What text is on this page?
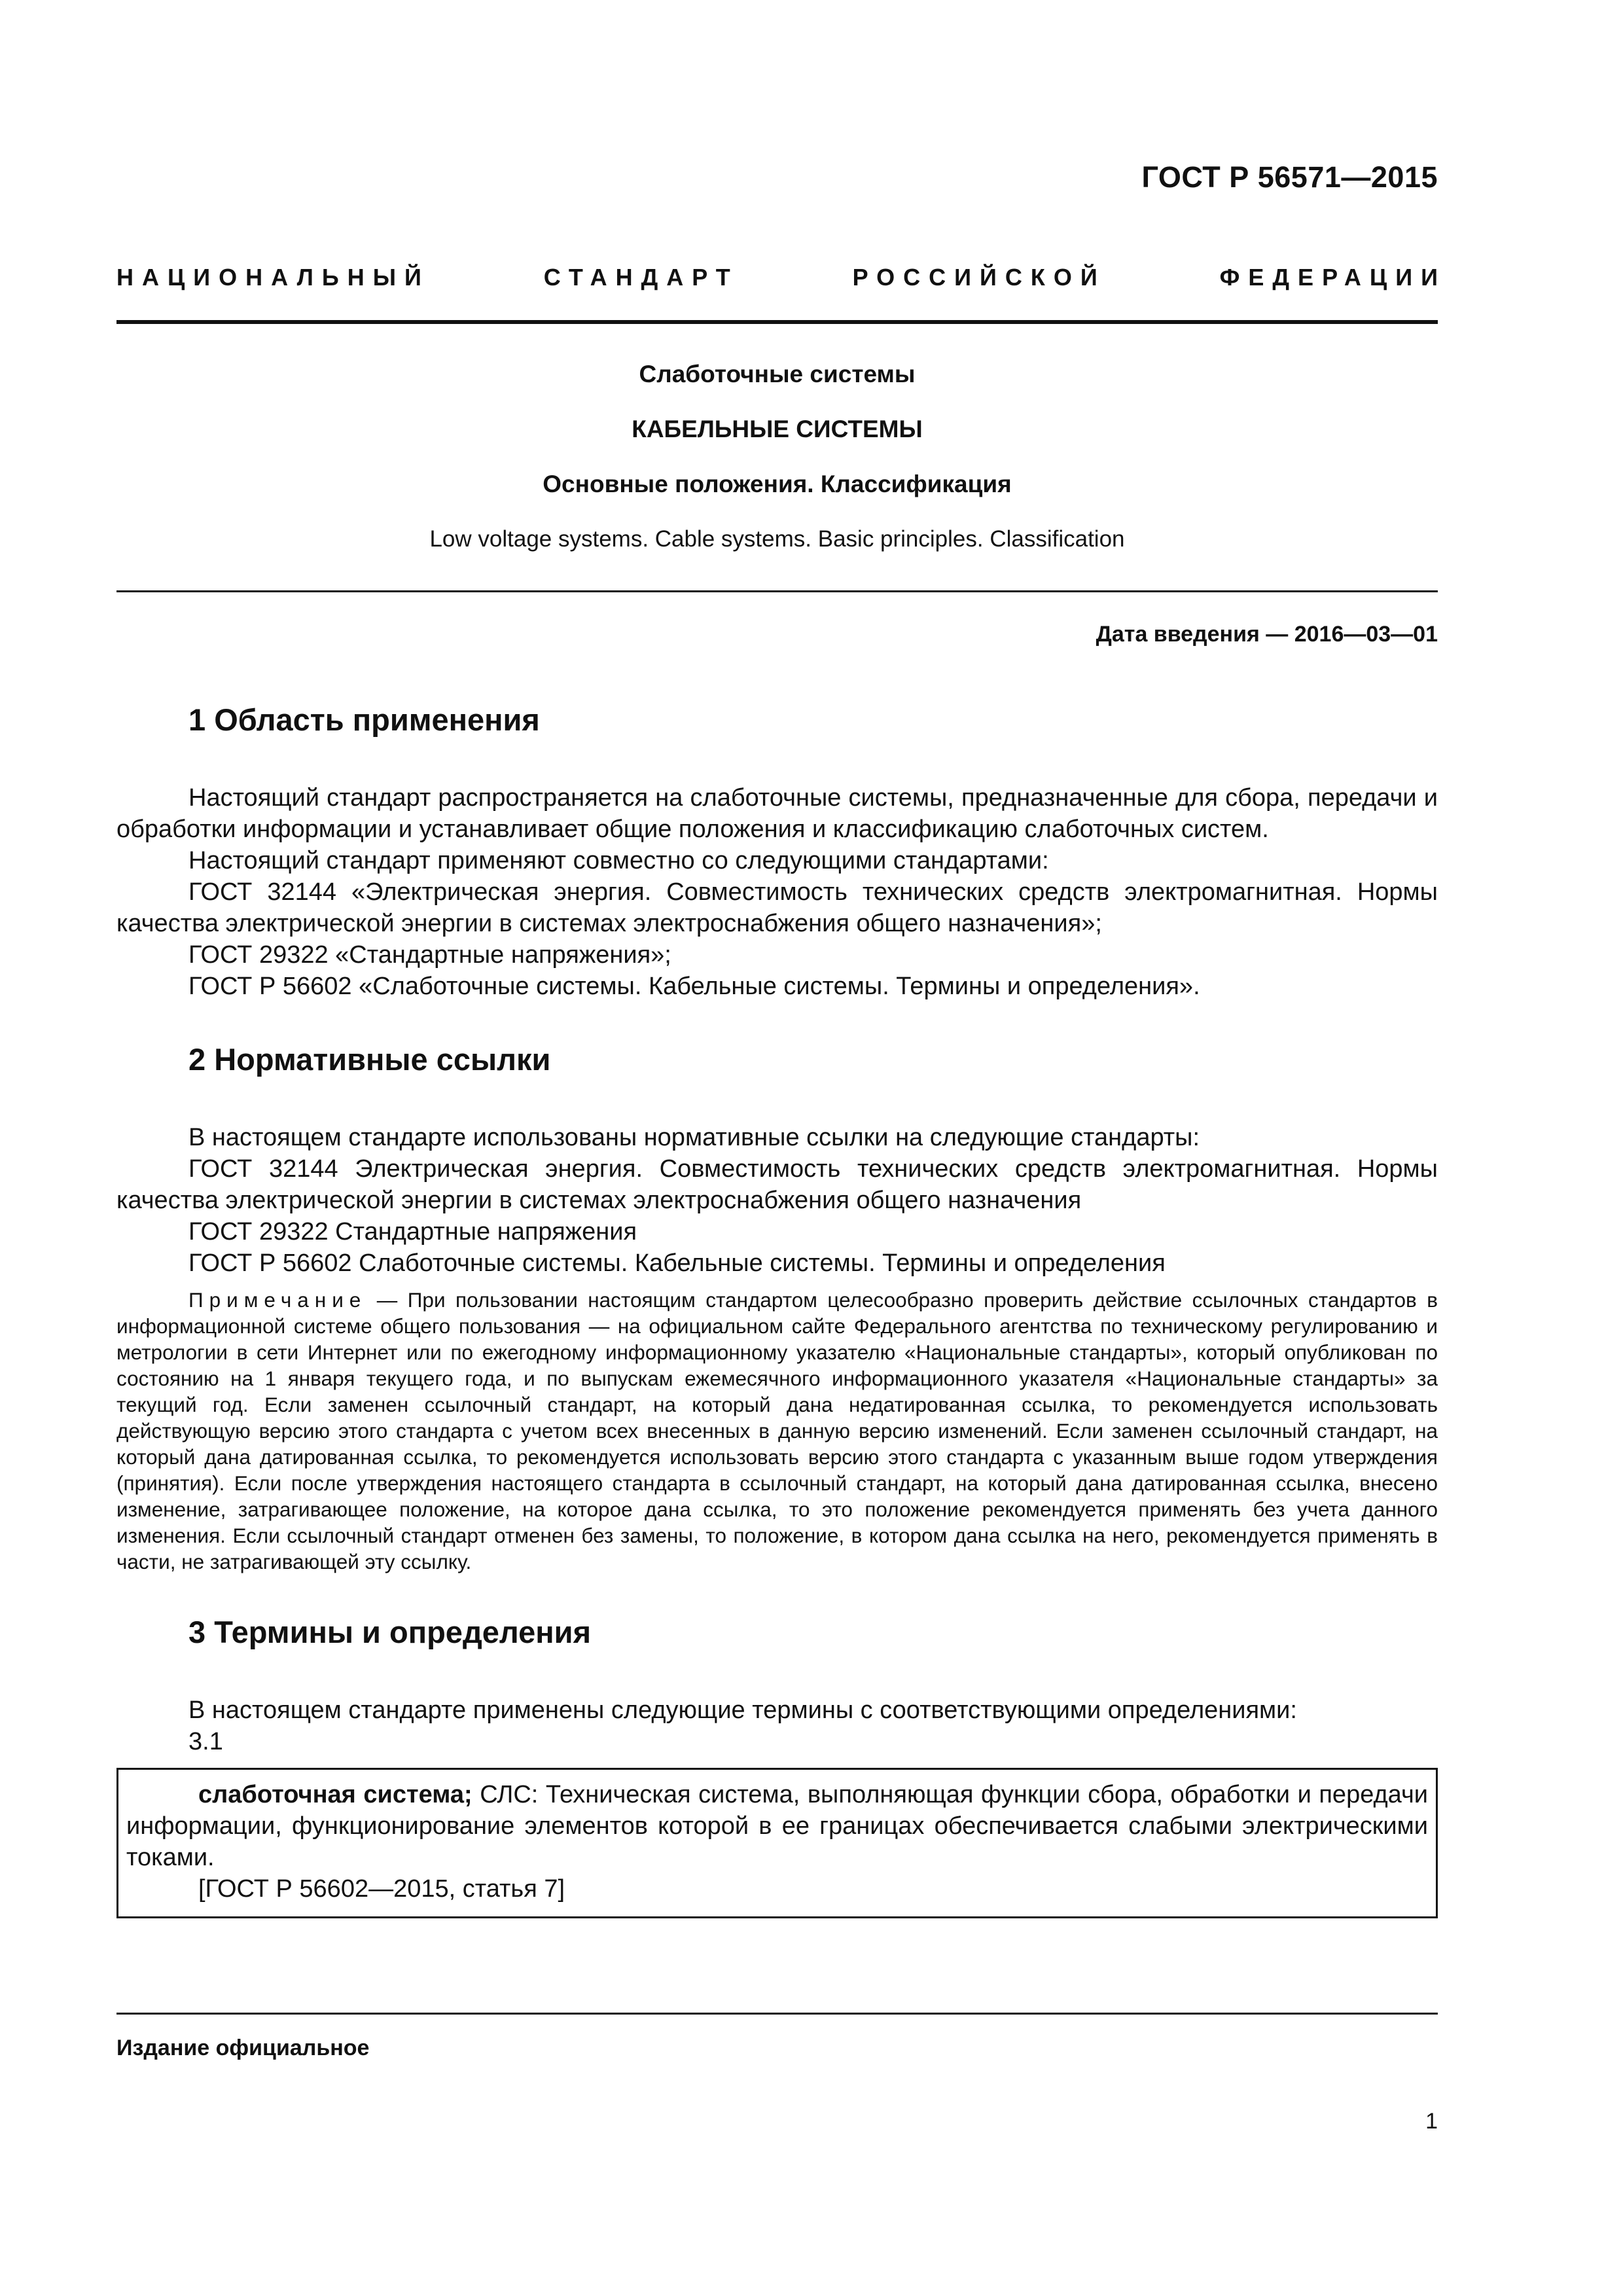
ГОСТ Р 56571—2015

НАЦИОНАЛЬНЫЙ	СТАНДАРТ	РОССИЙСКОЙ	ФЕДЕРАЦИИ

Слаботочные системы

КАБЕЛЬНЫЕ СИСТЕМЫ

Основные положения. Классификация

Low voltage systems. Cable systems. Basic principles. Classification

Дата введения — 2016—03—01

1 Область применения

Настоящий стандарт распространяется на слаботочные системы, предназначенные для сбора, передачи и обработки информации и устанавливает общие положения и классификацию слаботочных систем.

Настоящий стандарт применяют совместно со следующими стандартами:

ГОСТ 32144 «Электрическая энергия. Совместимость технических средств электромагнитная. Нормы качества электрической энергии в системах электроснабжения общего назначения»;

ГОСТ 29322 «Стандартные напряжения»;

ГОСТ Р 56602 «Слаботочные системы. Кабельные системы. Термины и определения».

2 Нормативные ссылки

В настоящем стандарте использованы нормативные ссылки на следующие стандарты:

ГОСТ 32144 Электрическая энергия. Совместимость технических средств электромагнитная. Нормы качества электрической энергии в системах электроснабжения общего назначения

ГОСТ 29322 Стандартные напряжения

ГОСТ Р 56602 Слаботочные системы. Кабельные системы. Термины и определения

Примечание — При пользовании настоящим стандартом целесообразно проверить действие ссылочных стандартов в информационной системе общего пользования — на официальном сайте Федерального агентства по техническому регулированию и метрологии в сети Интернет или по ежегодному информационному указателю «Национальные стандарты», который опубликован по состоянию на 1 января текущего года, и по выпускам ежемесячного информационного указателя «Национальные стандарты» за текущий год. Если заменен ссылочный стандарт, на который дана недатированная ссылка, то рекомендуется использовать действующую версию этого стандарта с учетом всех внесенных в данную версию изменений. Если заменен ссылочный стандарт, на который дана датированная ссылка, то рекомендуется использовать версию этого стандарта с указанным выше годом утверждения (принятия). Если после утверждения настоящего стандарта в ссылочный стандарт, на который дана датированная ссылка, внесено изменение, затрагивающее положение, на которое дана ссылка, то это положение рекомендуется применять без учета данного изменения. Если ссылочный стандарт отменен без замены, то положение, в котором дана ссылка на него, рекомендуется применять в части, не затрагивающей эту ссылку.

3 Термины и определения

В настоящем стандарте применены следующие термины с соответствующими определениями:

3.1

слаботочная система; СЛС: Техническая система, выполняющая функции сбора, обработки и передачи информации, функционирование элементов которой в ее границах обеспечивается слабыми электрическими токами.

[ГОСТ Р 56602—2015, статья 7]

Издание официальное

1
